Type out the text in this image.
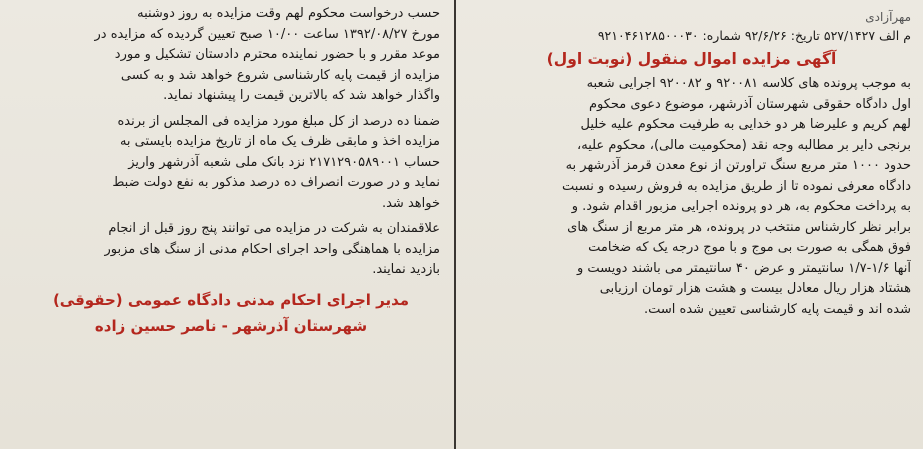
مهرآزادی
م الف ۵۲۷/۱۴۲۷ تاریخ: ۹۲/۶/۲۶ شماره: ۹۲۱۰۴۶۱۲۸۵۰۰۰۳۰
آگهی مزایده اموال منقول (نوبت اول)
به موجب پرونده های کلاسه ۹۲۰۰۸۱ و ۹۲۰۰۸۲ اجرایی شعبه
اول دادگاه حقوقی شهرستان آذرشهر، موضوع دعوی محکوم
لهم کریم و علیرضا هر دو خدایی به طرفیت محکوم علیه خلیل
برنجی دایر بر مطالبه وجه نقد (محکومیت مالی)، محکوم علیه،
حدود ۱۰۰۰ متر مربع سنگ تراورتن از نوع معدن قرمز آذرشهر به
دادگاه معرفی نموده تا از طریق مزایده به فروش رسیده و نسبت
به پرداخت محکوم به، هر دو پرونده اجرایی مزبور اقدام شود. و
برابر نظر کارشناس منتخب در پرونده، هر متر مربع از سنگ های
فوق همگی به صورت بی موج و با موج درجه یک که ضخامت
آنها ۱/۶-۱/۷ سانتیمتر و عرض ۴۰ سانتیمتر می باشند دویست و
هشتاد هزار ریال معادل بیست و هشت هزار تومان ارزیابی
شده اند و قیمت پایه کارشناسی تعیین شده است.
حسب درخواست محکوم لهم وقت مزایده به روز دوشنبه
مورخ ۱۳۹۲/۰۸/۲۷ ساعت ۱۰/۰۰ صبح تعیین گردیده که مزایده در
موعد مقرر و با حضور نماینده محترم دادستان تشکیل و مورد
مزایده از قیمت پایه کارشناسی شروع خواهد شد و به کسی
واگذار خواهد شد که بالاترین قیمت را پیشنهاد نماید.
ضمنا ده درصد از کل مبلغ مورد مزایده فی المجلس از برنده
مزایده اخذ و مابقی ظرف یک ماه از تاریخ مزایده بایستی به
حساب ۲۱۷۱۲۹۰۵۸۹۰۰۱ نزد بانک ملی شعبه آذرشهر واریز
نماید و در صورت انصراف ده درصد مذکور به نفع دولت ضبط
خواهد شد.
علاقمندان به شرکت در مزایده می توانند پنج روز قبل از انجام
مزایده با هماهنگی واحد اجرای احکام مدنی از سنگ های مزبور
بازدید نمایند.
مدیر اجرای احکام مدنی دادگاه عمومی (حقوقی)
شهرستان آذرشهر - ناصر حسین زاده
